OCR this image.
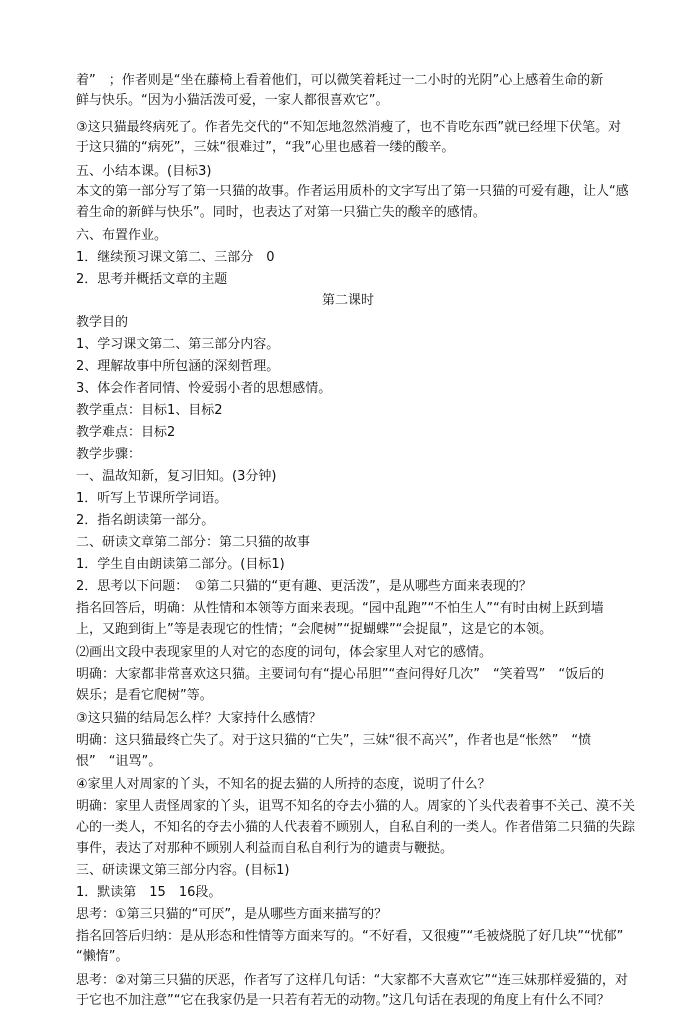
着”　；作者则是“坐在藤椅上看着他们，可以微笑着耗过一二小时的光阴”心上感着生命的新
鲜与快乐。“因为小猫活泼可爱，一家人都很喜欢它”。
③这只猫最终病死了。作者先交代的“不知怎地忽然消瘦了，也不肯吃东西”就已经埋下伏笔。对
于这只猫的“病死”，三妹“很难过”，“我”心里也感着一缕的酸辛。
五、小结本课。(目标3)
本文的第一部分写了第一只猫的故事。作者运用质朴的文字写出了第一只猫的可爱有趣，让人“感
着生命的新鲜与快乐”。同时，也表达了对第一只猫亡失的酸辛的感情。
六、布置作业。
1．继续预习课文第二、三部分　0
2．思考并概括文章的主题
第二课时
教学目的
1、学习课文第二、第三部分内容。
2、理解故事中所包涵的深刻哲理。
3、体会作者同情、怜爱弱小者的思想感情。
教学重点：目标1、目标2
教学难点：目标2
教学步骤：
一、温故知新，复习旧知。(3分钟)
1．听写上节课所学词语。
2．指名朗读第一部分。
二、研读文章第二部分：第二只猫的故事
1．学生自由朗读第二部分。(目标1)
2．思考以下问题：　①第二只猫的“更有趣、更活泼”，是从哪些方面来表现的？
指名回答后，明确：从性情和本领等方面来表现。“园中乱跑”“不怕生人”“有时由树上跃到墙
上，又跑到街上”等是表现它的性情；“会爬树”“捉蝴蝶”“会捉鼠”，这是它的本领。
⑵画出文段中表现家里的人对它的态度的词句，体会家里人对它的感情。
明确：大家都非常喜欢这只猫。主要词句有“提心吊胆”“查问得好几次”　“笑着骂”　“饭后的
娱乐；是看它爬树”等。
③这只猫的结局怎么样？大家持什么感情？
明确：这只猫最终亡失了。对于这只猫的“亡失”，三妹“很不高兴”，作者也是“怅然”　“愤
恨”　“诅骂”。
④家里人对周家的丫头，不知名的捉去猫的人所持的态度，说明了什么？
明确：家里人责怪周家的丫头，诅骂不知名的夺去小猫的人。周家的丫头代表着事不关己、漠不关
心的一类人，不知名的夺去小猫的人代表着不顾别人，自私自利的一类人。作者借第二只猫的失踪
事件，表达了对那种不顾别人利益而自私自利行为的谴责与鞭挞。
三、研读课文第三部分内容。(目标1)
1．默读第　15　16段。
思考：①第三只猫的“可厌”，是从哪些方面来描写的？
指名回答后归纳：是从形态和性情等方面来写的。“不好看，又很瘦”“毛被烧脱了好几块”“忧郁”
“懒惰”。
思考：②对第三只猫的厌恶，作者写了这样几句话：“大家都不大喜欢它”“连三妹那样爱猫的，对
于它也不加注意”“它在我家仍是一只若有若无的动物。”这几句话在表现的角度上有什么不同？
